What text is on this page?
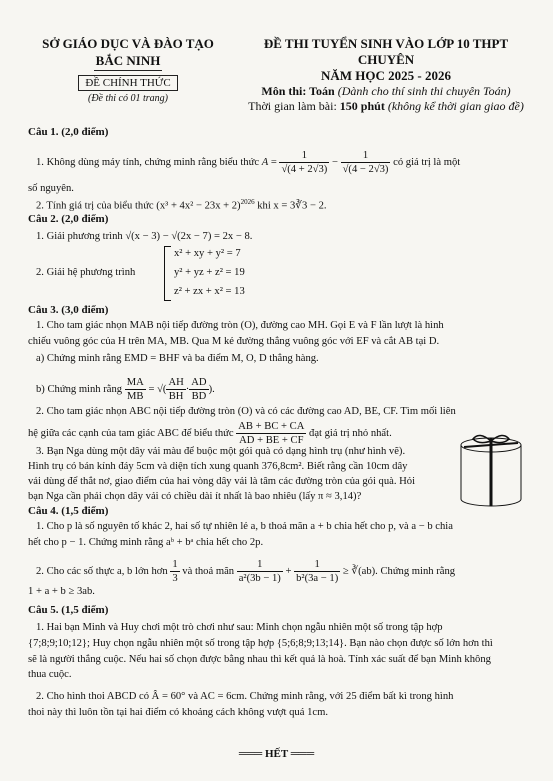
SỞ GIÁO DỤC VÀ ĐÀO TẠO
BẮC NINH
ĐỀ CHÍNH THỨC
(Đề thi có 01 trang)
ĐỀ THI TUYỂN SINH VÀO LỚP 10 THPT CHUYÊN
NĂM HỌC 2025 - 2026
Môn thi: Toán (Dành cho thí sinh thi chuyên Toán)
Thời gian làm bài: 150 phút (không kể thời gian giao đề)
Câu 1. (2,0 điểm)
1. Không dùng máy tính, chứng minh rằng biểu thức $A = \frac{1}{√(4 + 2√3)} - \frac{1}{√(4 - 2√3)}$ có giá trị là một
số nguyên.
2. Tính giá trị của biểu thức $(x^3 + 4x^2 - 23x + 2)^{2026}$ khi x = 3∛3 − 2.
Câu 2. (2,0 điểm)
1. Giải phương trình √(x − 3) − √(2x − 7) = 2x − 8.
2. Giải hệ phương trình
x² + xy + y² = 7
y² + yz + z² = 19
z² + zx + x² = 13
Câu 3. (3,0 điểm)
1. Cho tam giác nhọn MAB nội tiếp đường tròn (O), đường cao MH. Gọi E và F lần lượt là hình
chiếu vuông góc của H trên MA, MB. Qua M kẻ đường thẳng vuông góc với EF và cắt AB tại D.
a) Chứng minh rằng EMD = BHF và ba điểm M, O, D thẳng hàng.
b) Chứng minh rằng $\frac{MA}{MB}$ = √( $\frac{AH}{BH} \cdot \frac{AD}{BD}$ ).
2. Cho tam giác nhọn ABC nội tiếp đường tròn (O) và có các đường cao AD, BE, CF. Tìm mối liên
hệ giữa các cạnh của tam giác ABC để biểu thức $\frac{AB + BC + CA}{AD + BE + CF}$ đạt giá trị nhỏ nhất.
3. Bạn Nga dùng một dây vải màu để buộc một gói quà có dạng hình trụ (như hình vẽ).
Hình trụ có bán kính đáy 5cm và diện tích xung quanh 376,8cm². Biết rằng cần 10cm dây
vải dùng để thắt nơ, giao điểm của hai vòng dây vải là tâm các đường tròn của gói quà. Hỏi
bạn Nga cần phải chọn dây vải có chiều dài ít nhất là bao nhiêu (lấy π ≈ 3,14)?
Câu 4. (1,5 điểm)
1. Cho p là số nguyên tố khác 2, hai số tự nhiên lẻ a, b thoả mãn a + b chia hết cho p, và a − b chia
hết cho p − 1. Chứng minh rằng aᵇ + bᵃ chia hết cho 2p.
2. Cho các số thực a, b lớn hơn $\frac{1}{3}$ và thoả mãn $\frac{1}{\text{a²(3b − 1)}} + \frac{1}{\text{b²(3a − 1)}}$ ≥ ∛(ab). Chứng minh rằng
1 + a + b ≥ 3ab.
Câu 5. (1,5 điểm)
1. Hai bạn Minh và Huy chơi một trò chơi như sau: Minh chọn ngẫu nhiên một số trong tập hợp
{7;8;9;10;12}; Huy chọn ngẫu nhiên một số trong tập hợp {5;6;8;9;13;14}. Bạn nào chọn được số lớn hơn thì
sẽ là người thắng cuộc. Nếu hai số chọn được bằng nhau thì kết quả là hoà. Tính xác suất để bạn Minh không
thua cuộc.
2. Cho hình thoi ABCD có Â = 60° và AC = 6cm. Chứng minh rằng, với 25 điểm bất kì trong hình
thoi này thì luôn tồn tại hai điểm có khoảng cách không vượt quá 1cm.
═══ HẾT ═══
